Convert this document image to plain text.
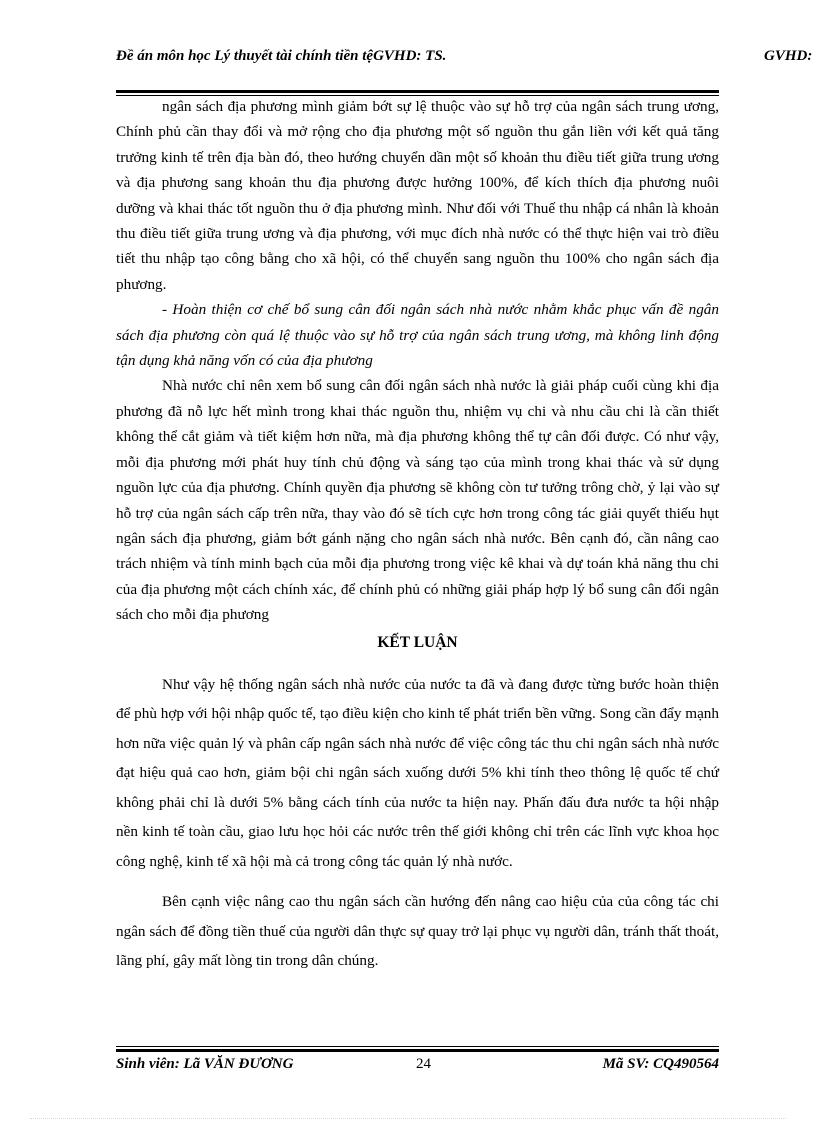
Đề án môn học Lý thuyết tài chính tiền tệGVHD: TS.	GVHD:

ngân sách địa phương mình giảm bớt sự lệ thuộc vào sự hỗ trợ của ngân sách trung ương, Chính phủ cần thay đổi và mở rộng cho địa phương một số nguồn thu gắn liền với kết quả tăng trưởng kinh tế trên địa bàn đó, theo hướng chuyển dần một số khoản thu điều tiết giữa trung ương và địa phương sang khoản thu địa phương được hưởng 100%, để kích thích địa phương nuôi dưỡng và khai thác tốt nguồn thu ở địa phương mình. Như đối với Thuế thu nhập cá nhân là khoản thu điều tiết giữa trung ương và địa phương, với mục đích nhà nước có thể thực hiện vai trò điều tiết thu nhập tạo công bằng cho xã hội, có thể chuyển sang nguồn thu 100% cho ngân sách địa phương.

- Hoàn thiện cơ chế bổ sung cân đối ngân sách nhà nước nhằm khắc phục vấn đề ngân sách địa phương còn quá lệ thuộc vào sự hỗ trợ của ngân sách trung ương, mà không linh động tận dụng khả năng vốn có của địa phương

Nhà nước chỉ nên xem bổ sung cân đối ngân sách nhà nước là giải pháp cuối cùng khi địa phương đã nỗ lực hết mình trong khai thác nguồn thu, nhiệm vụ chi và nhu cầu chi là cần thiết không thể cắt giảm và tiết kiệm hơn nữa, mà địa phương không thể tự cân đối được. Có như vậy, mỗi địa phương mới phát huy tính chủ động và sáng tạo của mình trong khai thác và sử dụng nguồn lực của địa phương. Chính quyền địa phương sẽ không còn tư tưởng trông chờ, ỷ lại vào sự hỗ trợ của ngân sách cấp trên nữa, thay vào đó sẽ tích cực hơn trong công tác giải quyết thiếu hụt ngân sách địa phương, giảm bớt gánh nặng cho ngân sách nhà nước. Bên cạnh đó, cần nâng cao trách nhiệm và tính minh bạch của mỗi địa phương trong việc kê khai và dự toán khả năng thu chi của địa phương một cách chính xác, để chính phủ có những giải pháp hợp lý bổ sung cân đối ngân sách cho mỗi địa phương

KẾT LUẬN

Như vậy hệ thống ngân sách nhà nước của nước ta đã và đang được từng bước hoàn thiện để phù hợp với hội nhập quốc tế, tạo điều kiện cho kinh tế phát triển bền vững. Song cần đẩy mạnh hơn nữa việc quản lý và phân cấp ngân sách nhà nước để việc công tác thu chi ngân sách nhà nước đạt hiệu quả cao hơn, giảm bội chi ngân sách xuống dưới 5% khi tính theo thông lệ quốc tế chứ không phải chỉ là dưới 5% bằng cách tính của nước ta hiện nay. Phấn đấu đưa nước ta hội nhập nền kinh tế toàn cầu, giao lưu học hỏi các nước trên thế giới không chỉ trên các lĩnh vực khoa học công nghệ, kinh tế xã hội mà cả trong công tác quản lý nhà nước.

Bên cạnh việc nâng cao thu ngân sách cần hướng đến nâng cao hiệu của của công tác chi ngân sách để đồng tiền thuế của người dân thực sự quay trở lại phục vụ người dân, tránh thất thoát, lãng phí, gây mất lòng tin trong dân chúng.

Sinh viên: Lã VĂN ĐƯƠNG	24	Mã SV: CQ490564
